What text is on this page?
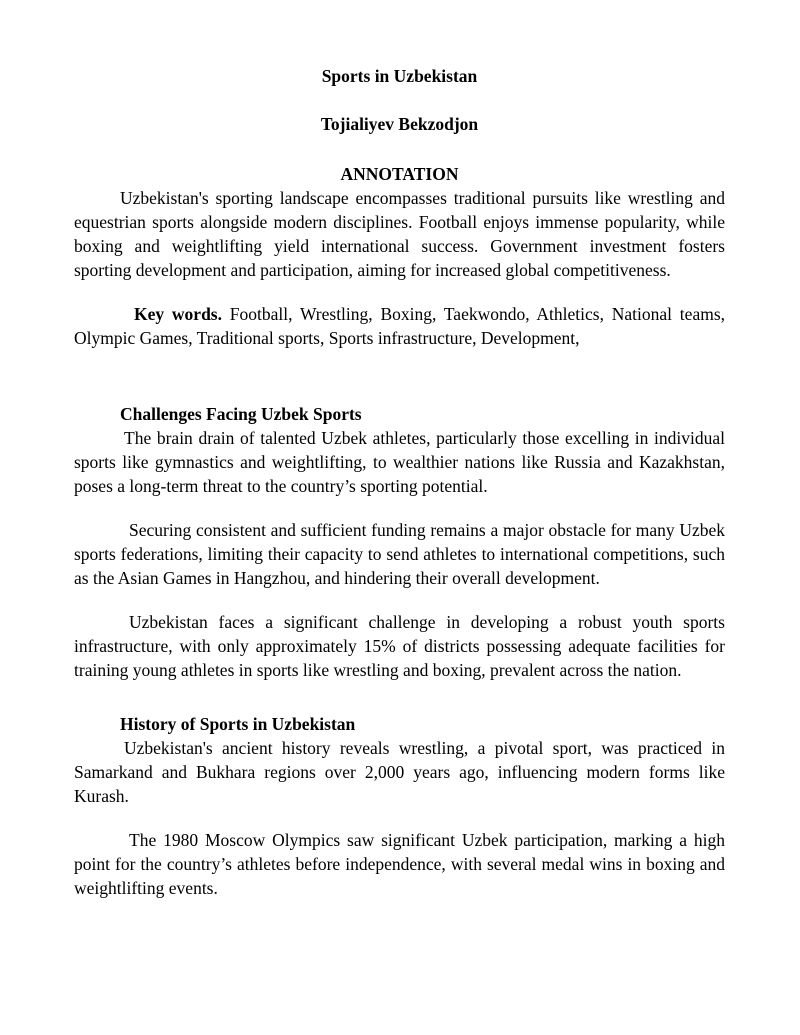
Sports in Uzbekistan

Tojialiyev Bekzodjon

ANNOTATION

Uzbekistan's sporting landscape encompasses traditional pursuits like wrestling and equestrian sports alongside modern disciplines. Football enjoys immense popularity, while boxing and weightlifting yield international success. Government investment fosters sporting development and participation, aiming for increased global competitiveness.

Key words. Football, Wrestling, Boxing, Taekwondo, Athletics, National teams, Olympic Games, Traditional sports, Sports infrastructure, Development,

Challenges Facing Uzbek Sports

The brain drain of talented Uzbek athletes, particularly those excelling in individual sports like gymnastics and weightlifting, to wealthier nations like Russia and Kazakhstan, poses a long-term threat to the country’s sporting potential.

Securing consistent and sufficient funding remains a major obstacle for many Uzbek sports federations, limiting their capacity to send athletes to international competitions, such as the Asian Games in Hangzhou, and hindering their overall development.

Uzbekistan faces a significant challenge in developing a robust youth sports infrastructure, with only approximately 15% of districts possessing adequate facilities for training young athletes in sports like wrestling and boxing, prevalent across the nation.

History of Sports in Uzbekistan

Uzbekistan's ancient history reveals wrestling, a pivotal sport, was practiced in Samarkand and Bukhara regions over 2,000 years ago, influencing modern forms like Kurash.

The 1980 Moscow Olympics saw significant Uzbek participation, marking a high point for the country’s athletes before independence, with several medal wins in boxing and weightlifting events.
